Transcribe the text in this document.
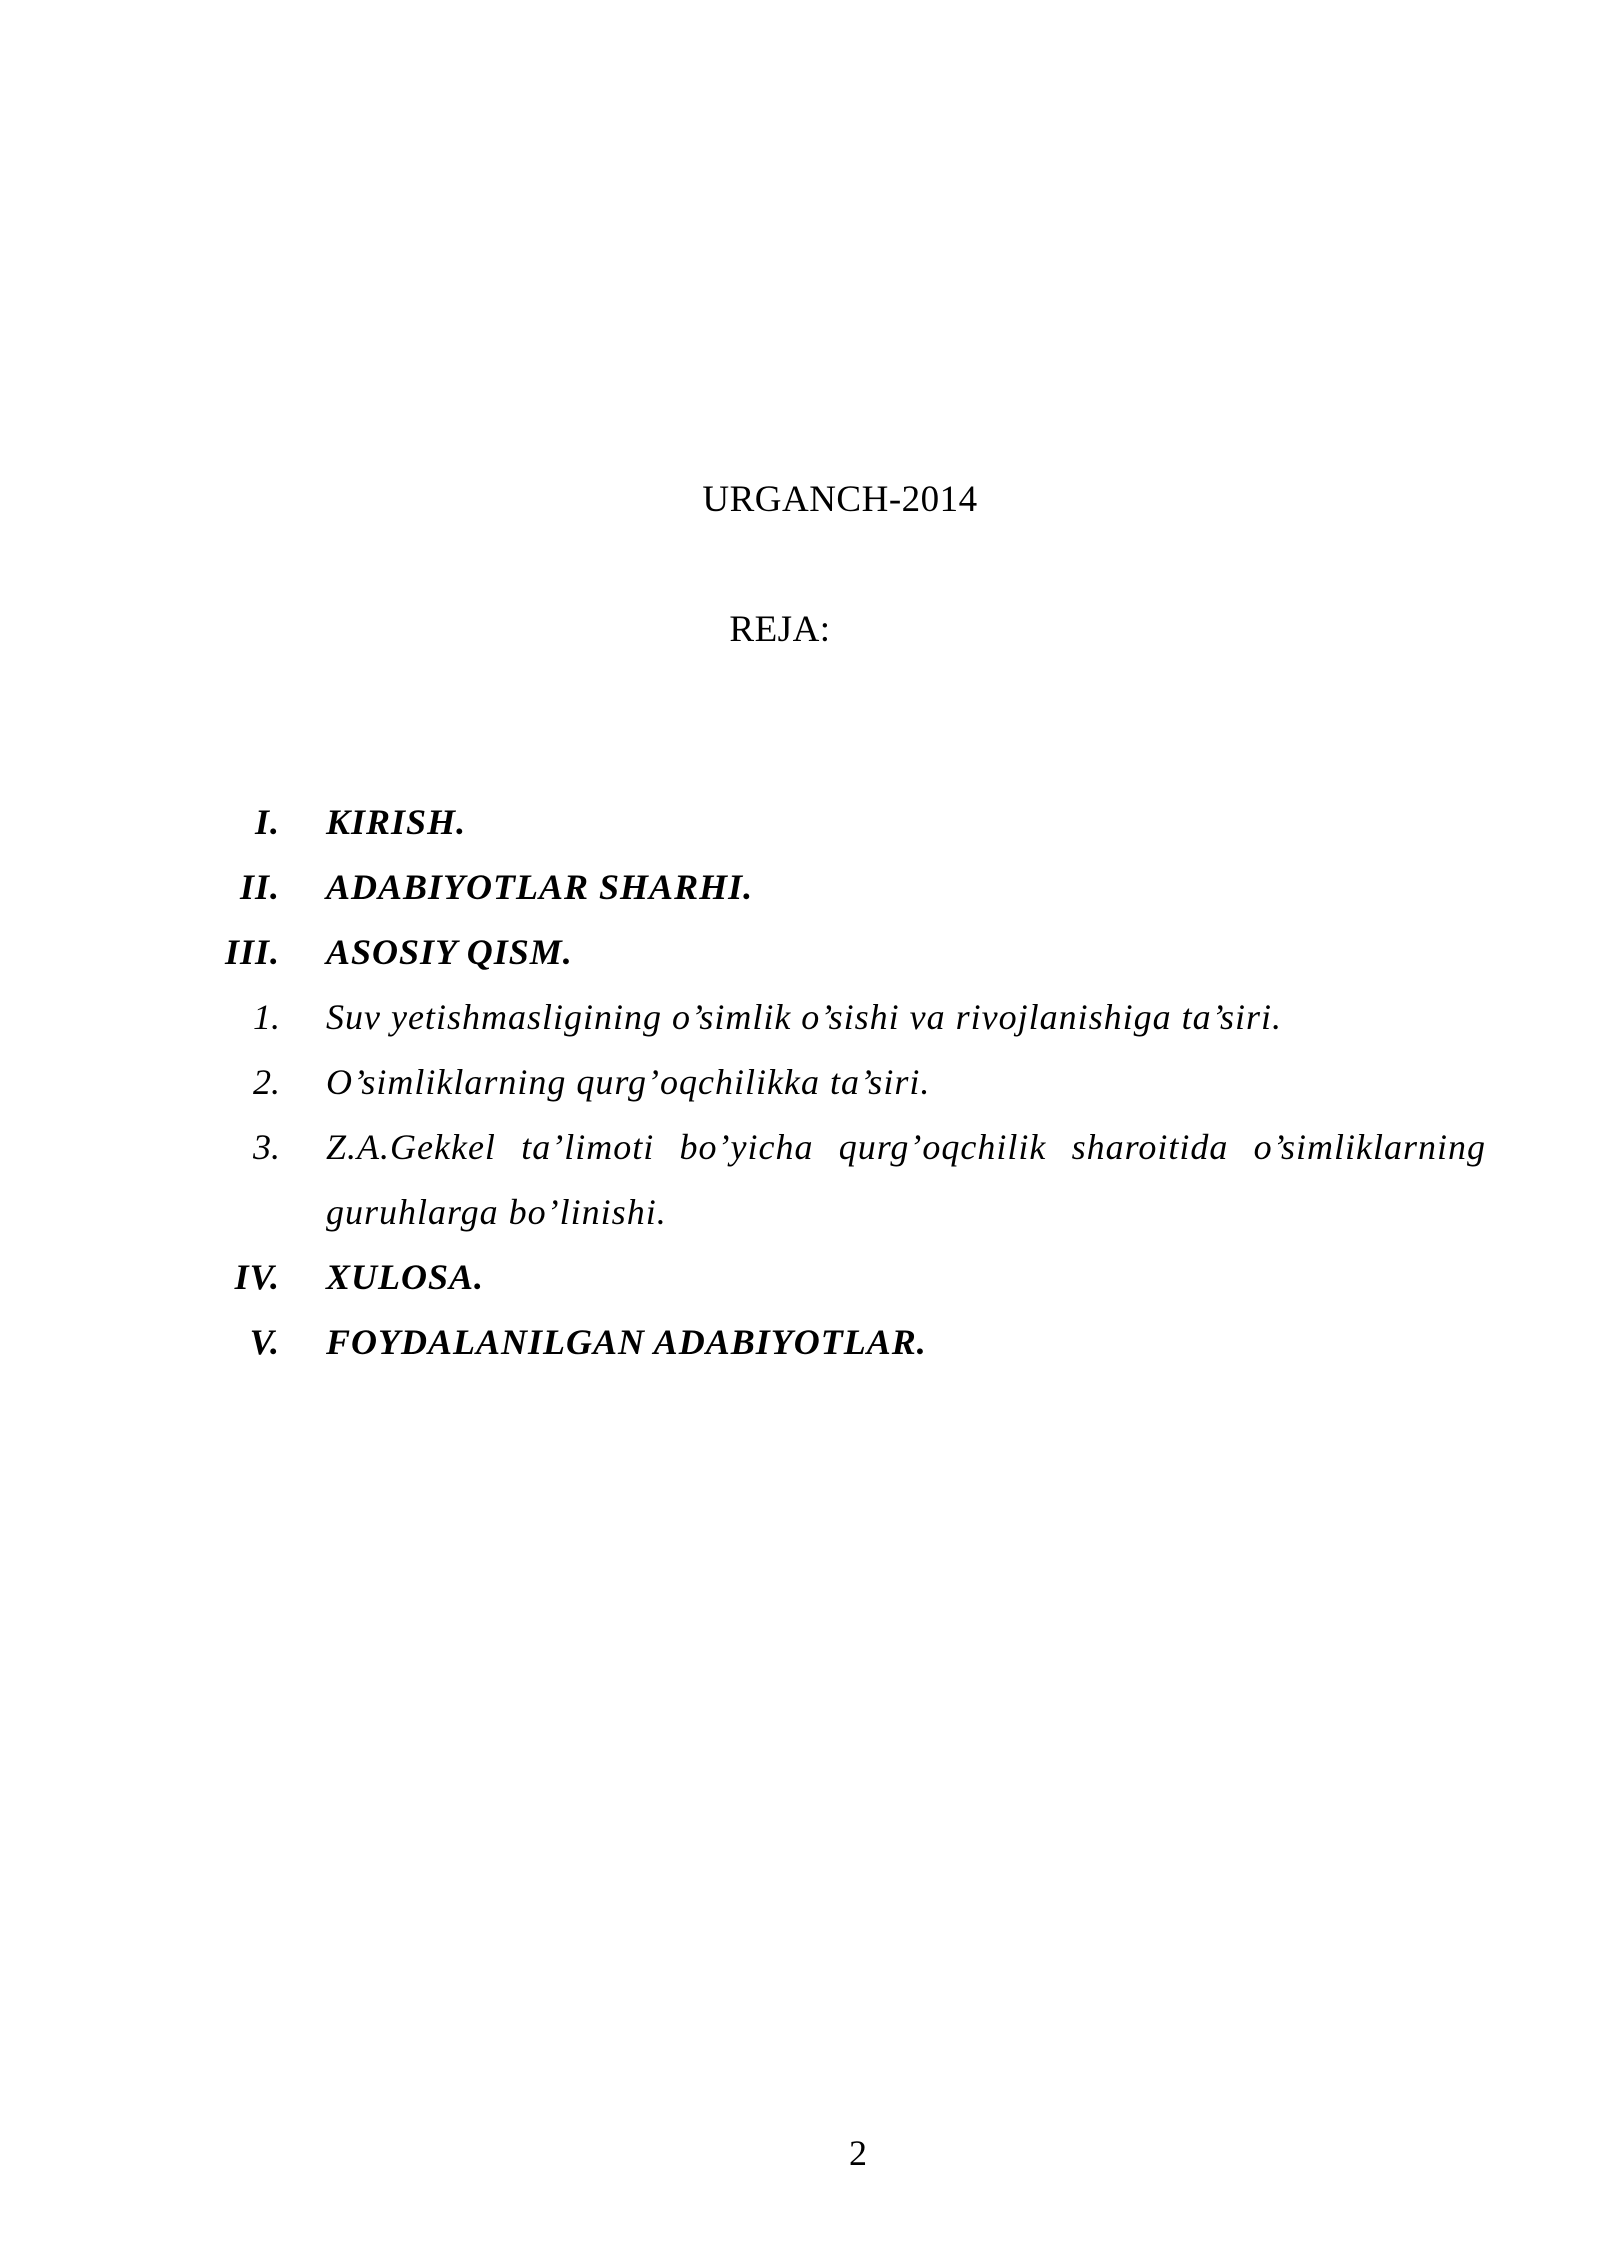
URGANCH-2014
REJA:
I. KIRISH.
II. ADABIYOTLAR SHARHI.
III. ASOSIY QISM.
1. Suv yetishmasligining o’simlik o’sishi va rivojlanishiga ta’siri.
2. O’simliklarning qurg’oqchilikka ta’siri.
3. Z.A.Gekkel ta’limoti bo’yicha qurg’oqchilik sharoitida o’simliklarning
guruhlarga bo’linishi.
IV. XULOSA.
V. FOYDALANILGAN ADABIYOTLAR.
2
